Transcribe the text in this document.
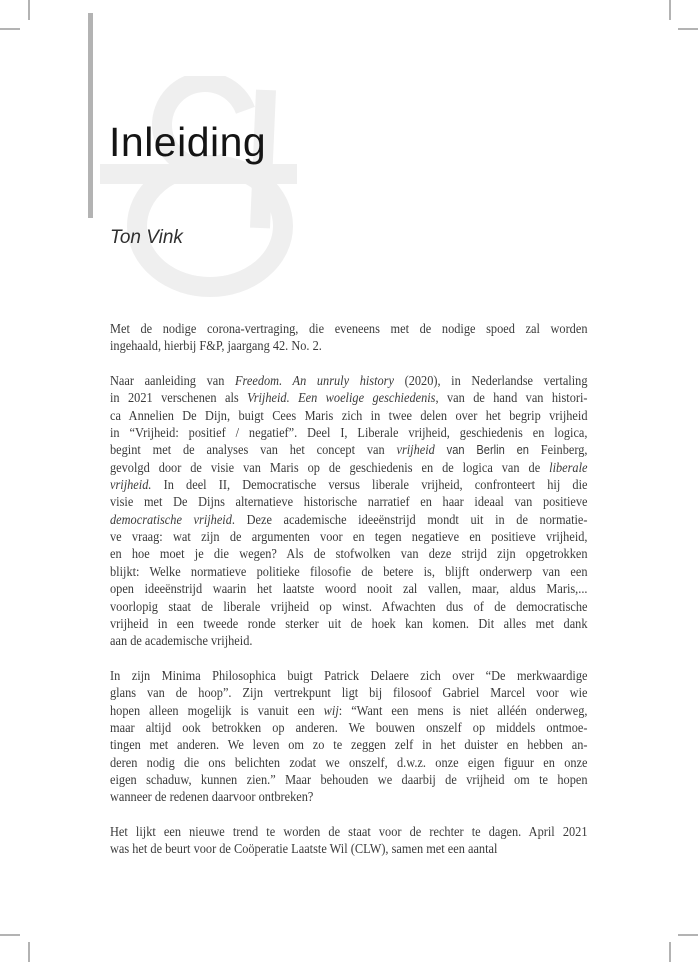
Inleiding
Ton Vink
Met de nodige corona-vertraging, die eveneens met de nodige spoed zal worden
ingehaald, hierbij F&P, jaargang 42. No. 2.
Naar aanleiding van Freedom. An unruly history (2020), in Nederlandse vertaling
in 2021 verschenen als Vrijheid. Een woelige geschiedenis, van de hand van histori-
ca Annelien De Dijn, buigt Cees Maris zich in twee delen over het begrip vrijheid
in “Vrijheid: positief / negatief”. Deel I, Liberale vrijheid, geschiedenis en logica,
begint met de analyses van het concept van vrijheid van Berlin en Feinberg,
gevolgd door de visie van Maris op de geschiedenis en de logica van de liberale
vrijheid. In deel II, Democratische versus liberale vrijheid, confronteert hij die
visie met De Dijns alternatieve historische narratief en haar ideaal van positieve
democratische vrijheid. Deze academische ideeënstrijd mondt uit in de normatie-
ve vraag: wat zijn de argumenten voor en tegen negatieve en positieve vrijheid,
en hoe moet je die wegen? Als de stofwolken van deze strijd zijn opgetrokken
blijkt: Welke normatieve politieke filosofie de betere is, blijft onderwerp van een
open ideeënstrijd waarin het laatste woord nooit zal vallen, maar, aldus Maris,...
voorlopig staat de liberale vrijheid op winst. Afwachten dus of de democratische
vrijheid in een tweede ronde sterker uit de hoek kan komen. Dit alles met dank
aan de academische vrijheid.
In zijn Minima Philosophica buigt Patrick Delaere zich over “De merkwaardige
glans van de hoop”. Zijn vertrekpunt ligt bij filosoof Gabriel Marcel voor wie
hopen alleen mogelijk is vanuit een wij: “Want een mens is niet alléén onderweg,
maar altijd ook betrokken op anderen. We bouwen onszelf op middels ontmoe-
tingen met anderen. We leven om zo te zeggen zelf in het duister en hebben an-
deren nodig die ons belichten zodat we onszelf, d.w.z. onze eigen figuur en onze
eigen schaduw, kunnen zien.” Maar behouden we daarbij de vrijheid om te hopen
wanneer de redenen daarvoor ontbreken?
Het lijkt een nieuwe trend te worden de staat voor de rechter te dagen. April 2021
was het de beurt voor de Coöperatie Laatste Wil (CLW), samen met een aantal
